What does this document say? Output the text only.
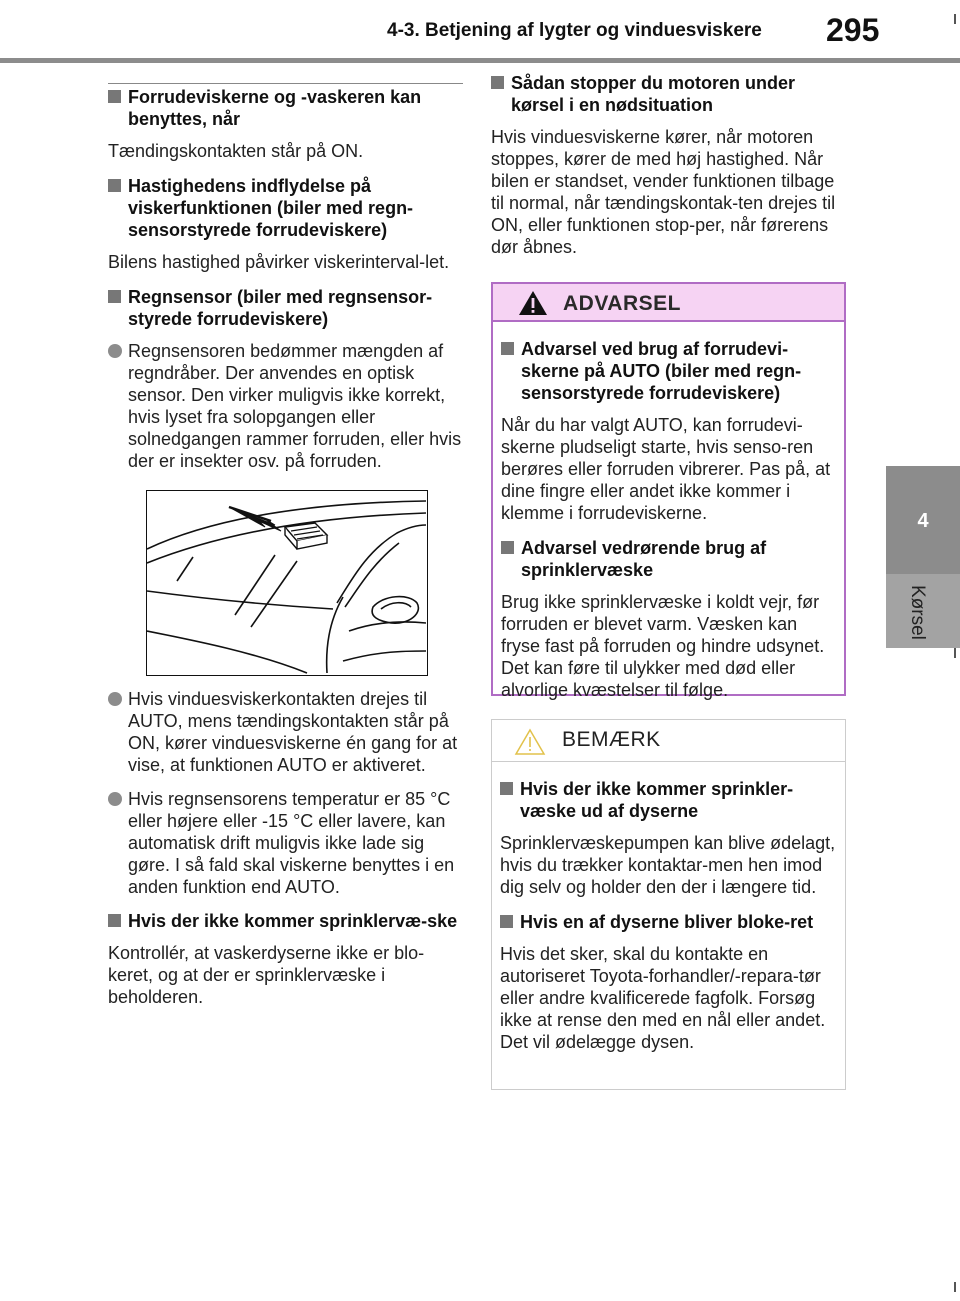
4-3. Betjening af lygter og vinduesviskere 295
4
Kørsel
Forrudeviskerne og -vaskeren kan benyttes, når
Tændingskontakten står på ON.
Hastighedens indflydelse på viskerfunktionen (biler med regn-sensorstyrede forrudeviskere)
Bilens hastighed påvirker viskerinterval-let.
Regnsensor (biler med regnsensor-styrede forrudeviskere)
Regnsensoren bedømmer mængden af regndråber. Der anvendes en optisk sensor. Den virker muligvis ikke korrekt, hvis lyset fra solopgangen eller solnedgangen rammer forruden, eller hvis der er insekter osv. på forruden.
Hvis vinduesviskerkontakten drejes til AUTO, mens tændingskontakten står på ON, kører vinduesviskerne én gang for at vise, at funktionen AUTO er aktiveret.
Hvis regnsensorens temperatur er 85 °C eller højere eller -15 °C eller lavere, kan automatisk drift muligvis ikke lade sig gøre. I så fald skal viskerne benyttes i en anden funktion end AUTO.
Hvis der ikke kommer sprinklervæ-ske
Kontrollér, at vaskerdyserne ikke er blo-keret, og at der er sprinklervæske i beholderen.
Sådan stopper du motoren under kørsel i en nødsituation
Hvis vinduesviskerne kører, når motoren stoppes, kører de med høj hastighed. Når bilen er standset, vender funktionen tilbage til normal, når tændingskontak-ten drejes til ON, eller funktionen stop-per, når førerens dør åbnes.
ADVARSEL
Advarsel ved brug af forrudevi-skerne på AUTO (biler med regn-sensorstyrede forrudeviskere)
Når du har valgt AUTO, kan forrudevi-skerne pludseligt starte, hvis senso-ren berøres eller forruden vibrerer. Pas på, at dine fingre eller andet ikke kommer i klemme i forrudeviskerne.
Advarsel vedrørende brug af sprinklervæske
Brug ikke sprinklervæske i koldt vejr, før forruden er blevet varm. Væsken kan fryse fast på forruden og hindre udsynet. Det kan føre til ulykker med død eller alvorlige kvæstelser til følge.
BEMÆRK
Hvis der ikke kommer sprinkler-væske ud af dyserne
Sprinklervæskepumpen kan blive ødelagt, hvis du trækker kontaktar-men hen imod dig selv og holder den der i længere tid.
Hvis en af dyserne bliver bloke-ret
Hvis det sker, skal du kontakte en autoriseret Toyota-forhandler/-repara-tør eller andre kvalificerede fagfolk. Forsøg ikke at rense den med en nål eller andet. Det vil ødelægge dysen.
